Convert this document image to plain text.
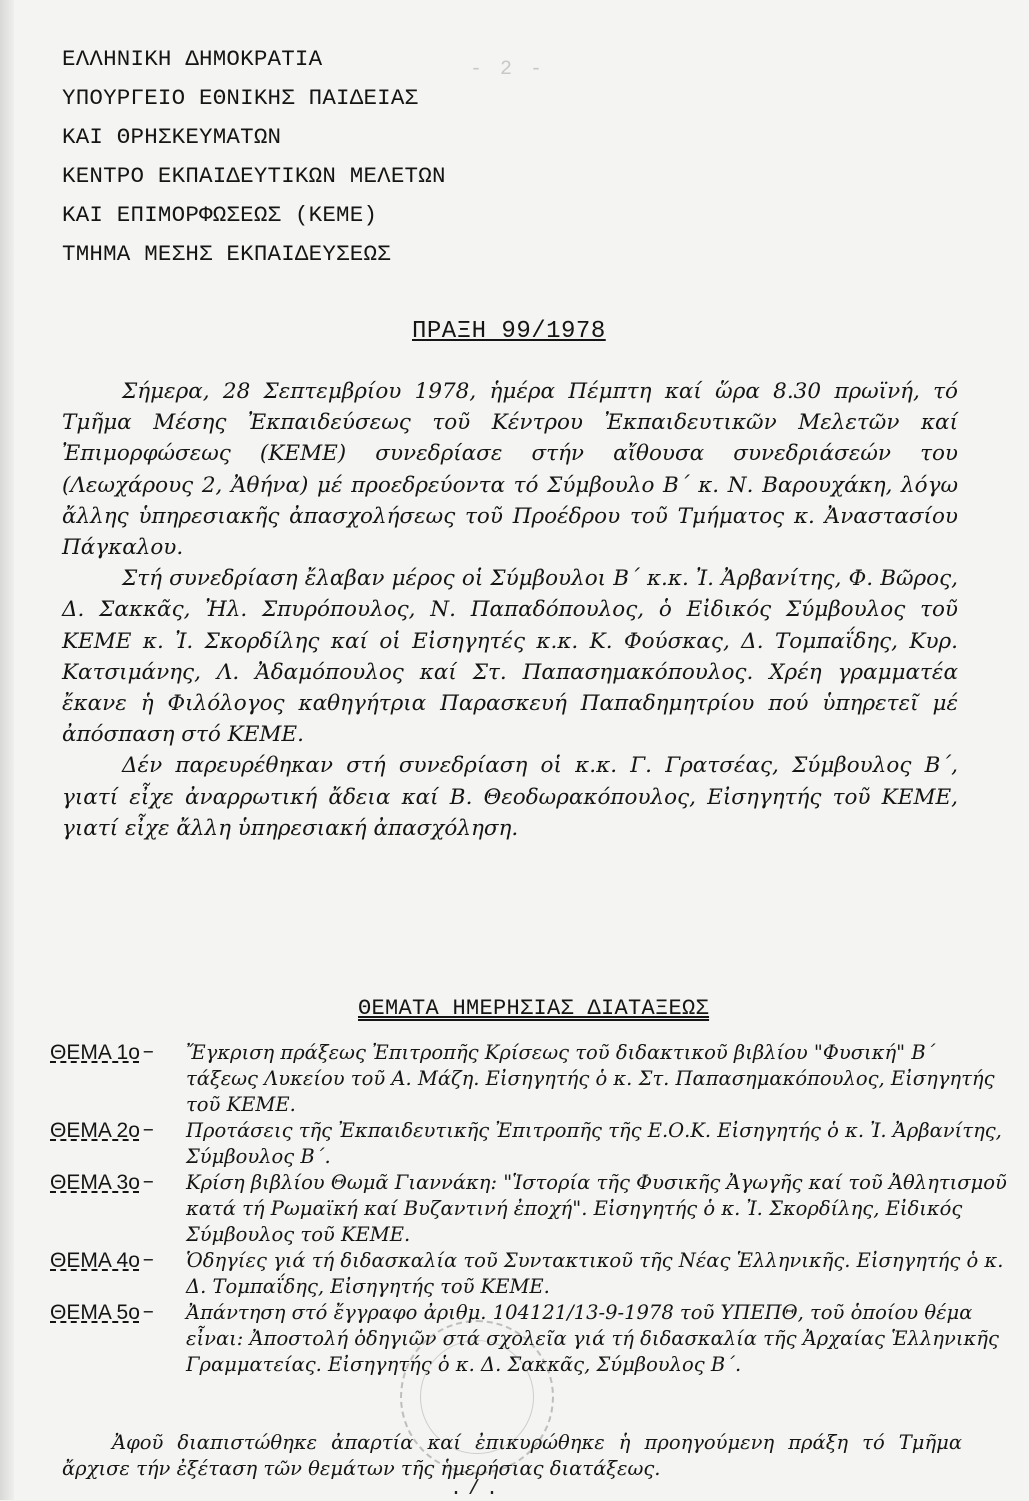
- 2 -
ΕΛΛΗΝΙΚΗ ΔΗΜΟΚΡΑΤΙΑ
ΥΠΟΥΡΓΕΙΟ ΕΘΝΙΚΗΣ ΠΑΙΔΕΙΑΣ
ΚΑΙ ΘΡΗΣΚΕΥΜΑΤΩΝ
ΚΕΝΤΡΟ ΕΚΠΑΙΔΕΥΤΙΚΩΝ ΜΕΛΕΤΩΝ
ΚΑΙ ΕΠΙΜΟΡΦΩΣΕΩΣ (ΚΕΜΕ)
ΤΜΗΜΑ ΜΕΣΗΣ ΕΚΠΑΙΔΕΥΣΕΩΣ
ΠΡΑΞΗ 99/1978

Σήμερα, 28 Σεπτεμβρίου 1978, ἡμέρα Πέμπτη καί ὥρα 8.30 πρωϊνή, τό Τμῆμα Μέσης Ἐκπαιδεύσεως τοῦ Κέντρου Ἐκπαιδευτικῶν Μελετῶν καί Ἐπιμορφώσεως (ΚΕΜΕ) συνεδρίασε στήν αἴθουσα συνεδριάσεών του (Λεωχάρους 2, Ἀθήνα) μέ προεδρεύοντα τό Σύμβουλο Β΄ κ. Ν. Βαρουχάκη, λόγω ἄλλης ὑπηρεσιακῆς ἀπασχολήσεως τοῦ Προέδρου τοῦ Τμήματος κ. Ἀναστασίου Πάγκαλου.

Στή συνεδρίαση ἔλαβαν μέρος οἱ Σύμβουλοι Β΄ κ.κ. Ἰ. Ἀρβανίτης, Φ. Βῶρος, Δ. Σακκᾶς, Ἠλ. Σπυρόπουλος, Ν. Παπαδόπουλος, ὁ Εἰδικός Σύμβουλος τοῦ ΚΕΜΕ κ. Ἰ. Σκορδίλης καί οἱ Εἰσηγητές κ.κ. Κ. Φούσκας, Δ. Τομπαΐδης, Κυρ. Κατσιμάνης, Λ. Ἀδαμόπουλος καί Στ. Παπασημακόπουλος. Χρέη γραμματέα ἔκανε ἡ Φιλόλογος καθηγήτρια Παρασκευή Παπαδημητρίου πού ὑπηρετεῖ μέ ἀπόσπαση στό ΚΕΜΕ.

Δέν παρευρέθηκαν στή συνεδρίαση οἱ κ.κ. Γ. Γρατσέας, Σύμβουλος Β΄, γιατί εἶχε ἀναρρωτική ἄδεια καί Β. Θεοδωρακόπουλος, Εἰσηγητής τοῦ ΚΕΜΕ, γιατί εἶχε ἄλλη ὑπηρεσιακή ἀπασχόληση.

ΘΕΜΑΤΑ ΗΜΕΡΗΣΙΑΣ ΔΙΑΤΑΞΕΩΣ
ΘΕΜΑ 1ο –	Ἔγκριση πράξεως Ἐπιτροπῆς Κρίσεως τοῦ διδακτικοῦ βιβλίου "Φυσική" Β΄ τάξεως Λυκείου τοῦ Α. Μάζη. Εἰσηγητής ὁ κ. Στ. Παπασημακόπουλος, Εἰσηγητής τοῦ ΚΕΜΕ.
ΘΕΜΑ 2ο –	Προτάσεις τῆς Ἐκπαιδευτικῆς Ἐπιτροπῆς τῆς Ε.Ο.Κ. Εἰσηγητής ὁ κ. Ἰ. Ἀρβανίτης, Σύμβουλος Β΄.
ΘΕΜΑ 3ο –	Κρίση βιβλίου Θωμᾶ Γιαννάκη: "Ἱστορία τῆς Φυσικῆς Ἀγωγῆς καί τοῦ Ἀθλητισμοῦ κατά τή Ρωμαϊκή καί Βυζαντινή ἐποχή". Εἰσηγητής ὁ κ. Ἰ. Σκορδίλης, Εἰδικός Σύμβουλος τοῦ ΚΕΜΕ.
ΘΕΜΑ 4ο –	Ὁδηγίες γιά τή διδασκαλία τοῦ Συντακτικοῦ τῆς Νέας Ἑλληνικῆς. Εἰσηγητής ὁ κ. Δ. Τομπαΐδης, Εἰσηγητής τοῦ ΚΕΜΕ.
ΘΕΜΑ 5ο –	Ἀπάντηση στό ἔγγραφο ἀριθμ. 104121/13-9-1978 τοῦ ΥΠΕΠΘ, τοῦ ὁποίου θέμα εἶναι: Ἀποστολή ὁδηγιῶν στά σχολεῖα γιά τή διδασκαλία τῆς Ἀρχαίας Ἑλληνικῆς Γραμματείας. Εἰσηγητής ὁ κ. Δ. Σακκᾶς, Σύμβουλος Β΄.
Ἀφοῦ διαπιστώθηκε ἀπαρτία καί ἐπικυρώθηκε ἡ προηγούμενη πράξη τό Τμῆμα ἄρχισε τήν ἐξέταση τῶν θεμάτων τῆς ἡμερήσιας διατάξεως.
./.
